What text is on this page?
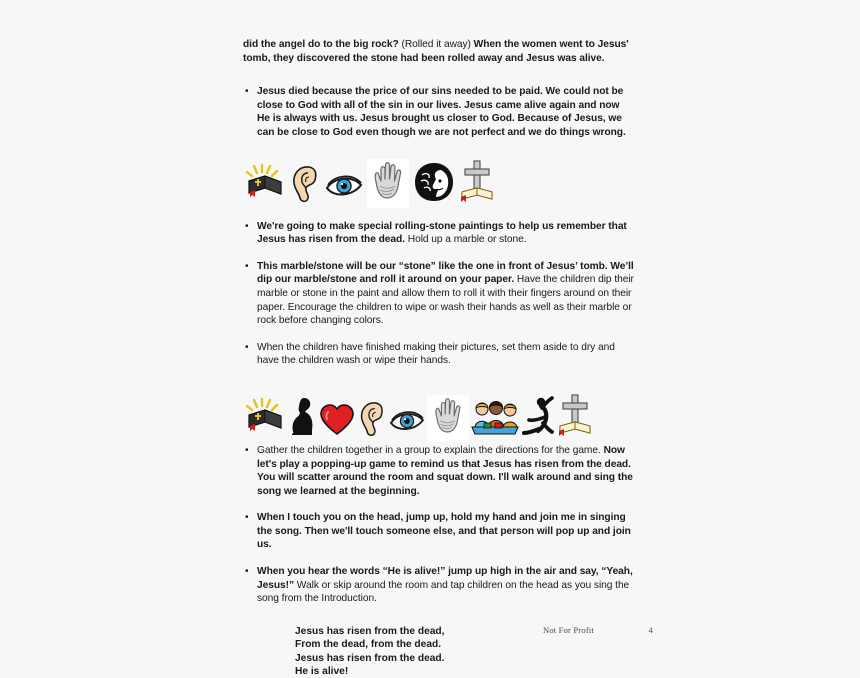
did the angel do to the big rock? (Rolled it away) When the women went to Jesus' tomb, they discovered the stone had been rolled away and Jesus was alive.

• Jesus died because the price of our sins needed to be paid. We could not be close to God with all of the sin in our lives. Jesus came alive again and now He is always with us. Jesus brought us closer to God. Because of Jesus, we can be close to God even though we are not perfect and we do things wrong.

• We're going to make special rolling-stone paintings to help us remember that Jesus has risen from the dead. Hold up a marble or stone.

• This marble/stone will be our “stone” like the one in front of Jesus’ tomb. We’ll dip our marble/stone and roll it around on your paper. Have the children dip their marble or stone in the paint and allow them to roll it with their fingers around on their paper. Encourage the children to wipe or wash their hands as well as their marble or rock before changing colors.

• When the children have finished making their pictures, set them aside to dry and have the children wash or wipe their hands.

• Gather the children together in a group to explain the directions for the game. Now let's play a popping-up game to remind us that Jesus has risen from the dead. You will scatter around the room and squat down. I'll walk around and sing the song we learned at the beginning.

• When I touch you on the head, jump up, hold my hand and join me in singing the song. Then we'll touch someone else, and that person will pop up and join us.

• When you hear the words “He is alive!” jump up high in the air and say, “Yeah, Jesus!” Walk or skip around the room and tap children on the head as you sing the song from the Introduction.

Jesus has risen from the dead,
From the dead, from the dead.
Jesus has risen from the dead.
He is alive!
Not For Profit	4
